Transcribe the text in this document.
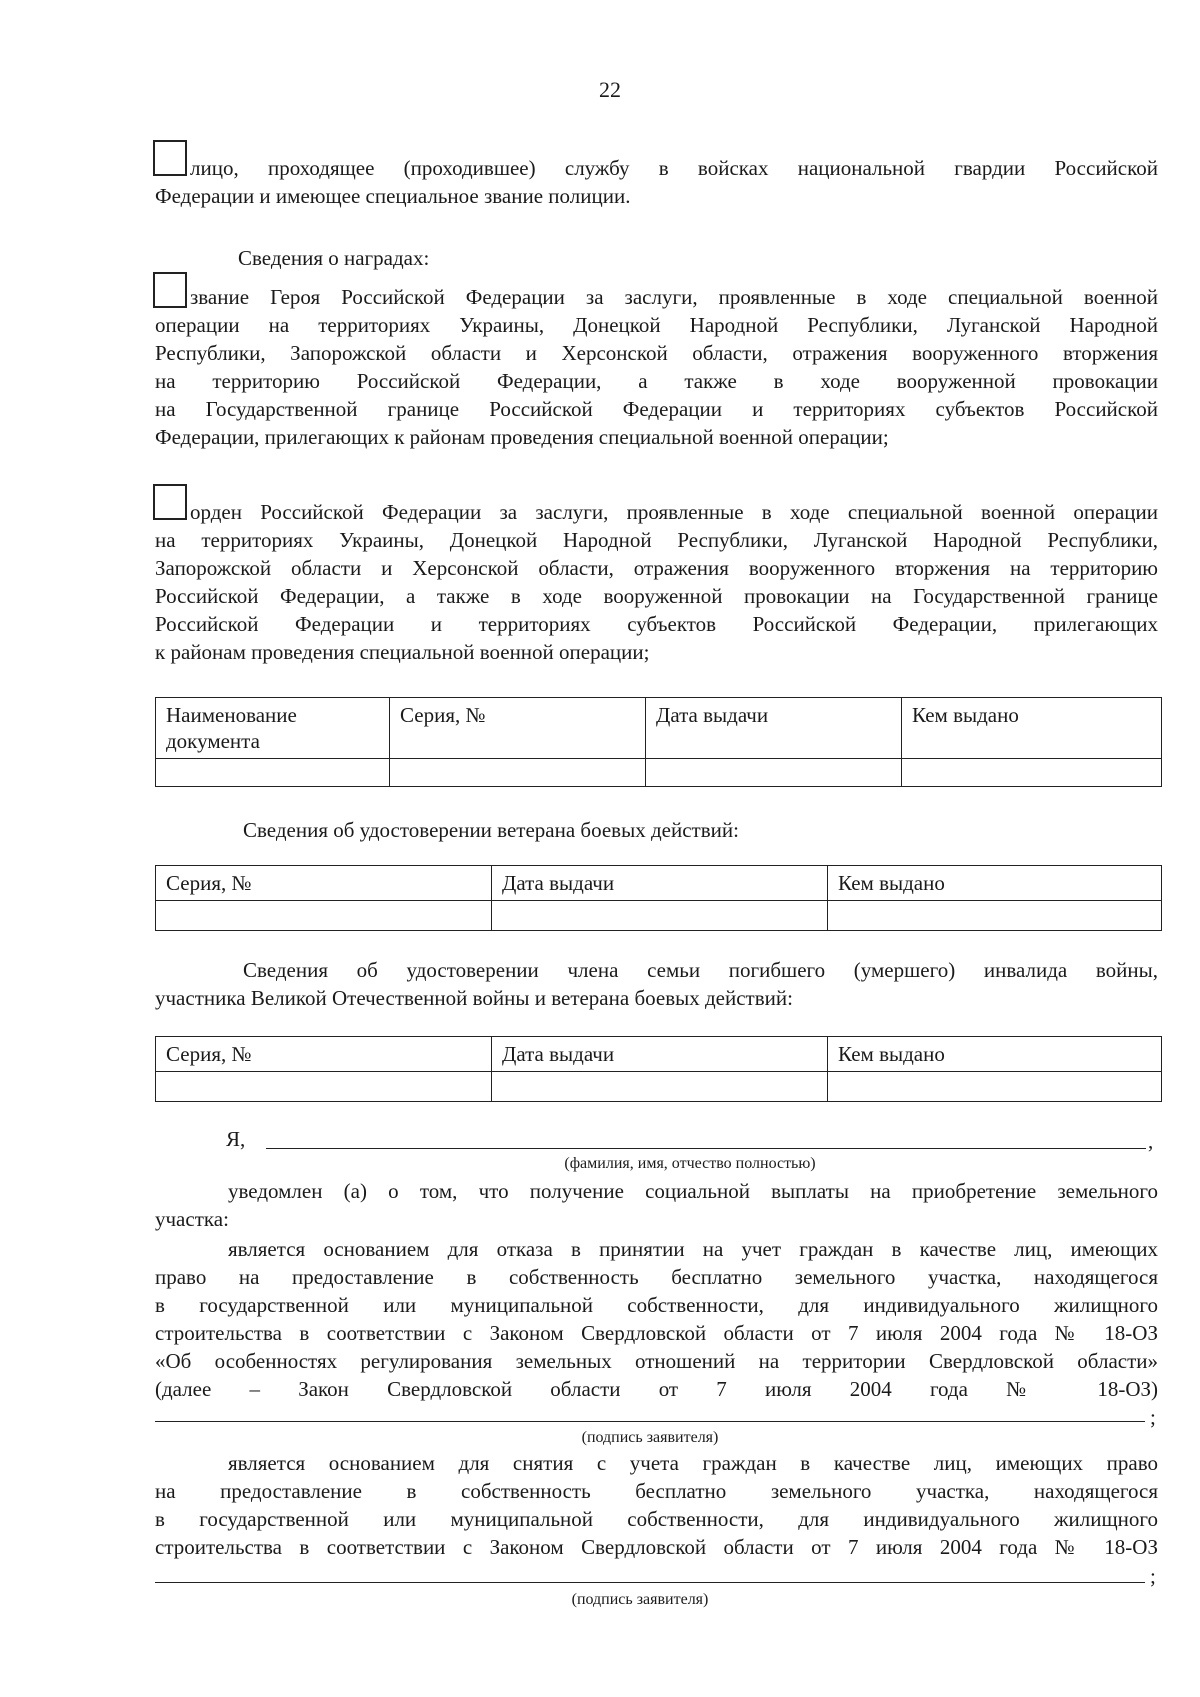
22
лицо, проходящее (проходившее) службу в войсках национальной гвардии Российской
Федерации и имеющее специальное звание полиции.
Сведения о наградах:
звание Героя Российской Федерации за заслуги, проявленные в ходе специальной военной
операции на территориях Украины, Донецкой Народной Республики, Луганской Народной
Республики, Запорожской области и Херсонской области, отражения вооруженного вторжения
на территорию Российской Федерации, а также в ходе вооруженной провокации
на Государственной границе Российской Федерации и территориях субъектов Российской
Федерации, прилегающих к районам проведения специальной военной операции;
орден Российской Федерации за заслуги, проявленные в ходе специальной военной операции
на территориях Украины, Донецкой Народной Республики, Луганской Народной Республики,
Запорожской области и Херсонской области, отражения вооруженного вторжения на территорию
Российской Федерации, а также в ходе вооруженной провокации на Государственной границе
Российской Федерации и территориях субъектов Российской Федерации, прилегающих
к районам проведения специальной военной операции;
Наименование документа	Серия, №	Дата выдачи	Кем выдано

Сведения об удостоверении ветерана боевых действий:
Серия, №	Дата выдачи	Кем выдано

Сведения об удостоверении члена семьи погибшего (умершего) инвалида войны,
участника Великой Отечественной войны и ветерана боевых действий:
Серия, №	Дата выдачи	Кем выдано

Я,	,
(фамилия, имя, отчество полностью)
уведомлен (а) о том, что получение социальной выплаты на приобретение земельного
участка:
является основанием для отказа в принятии на учет граждан в качестве лиц, имеющих
право на предоставление в собственность бесплатно земельного участка, находящегося
в государственной или муниципальной собственности, для индивидуального жилищного
строительства в соответствии с Законом Свердловской области от 7 июля 2004 года № 18-ОЗ
«Об особенностях регулирования земельных отношений на территории Свердловской области»
(далее – Закон Свердловской области от 7 июля 2004 года № 18-ОЗ)
;
(подпись заявителя)
является основанием для снятия с учета граждан в качестве лиц, имеющих право
на предоставление в собственность бесплатно земельного участка, находящегося
в государственной или муниципальной собственности, для индивидуального жилищного
строительства в соответствии с Законом Свердловской области от 7 июля 2004 года № 18-ОЗ
;
(подпись заявителя)
